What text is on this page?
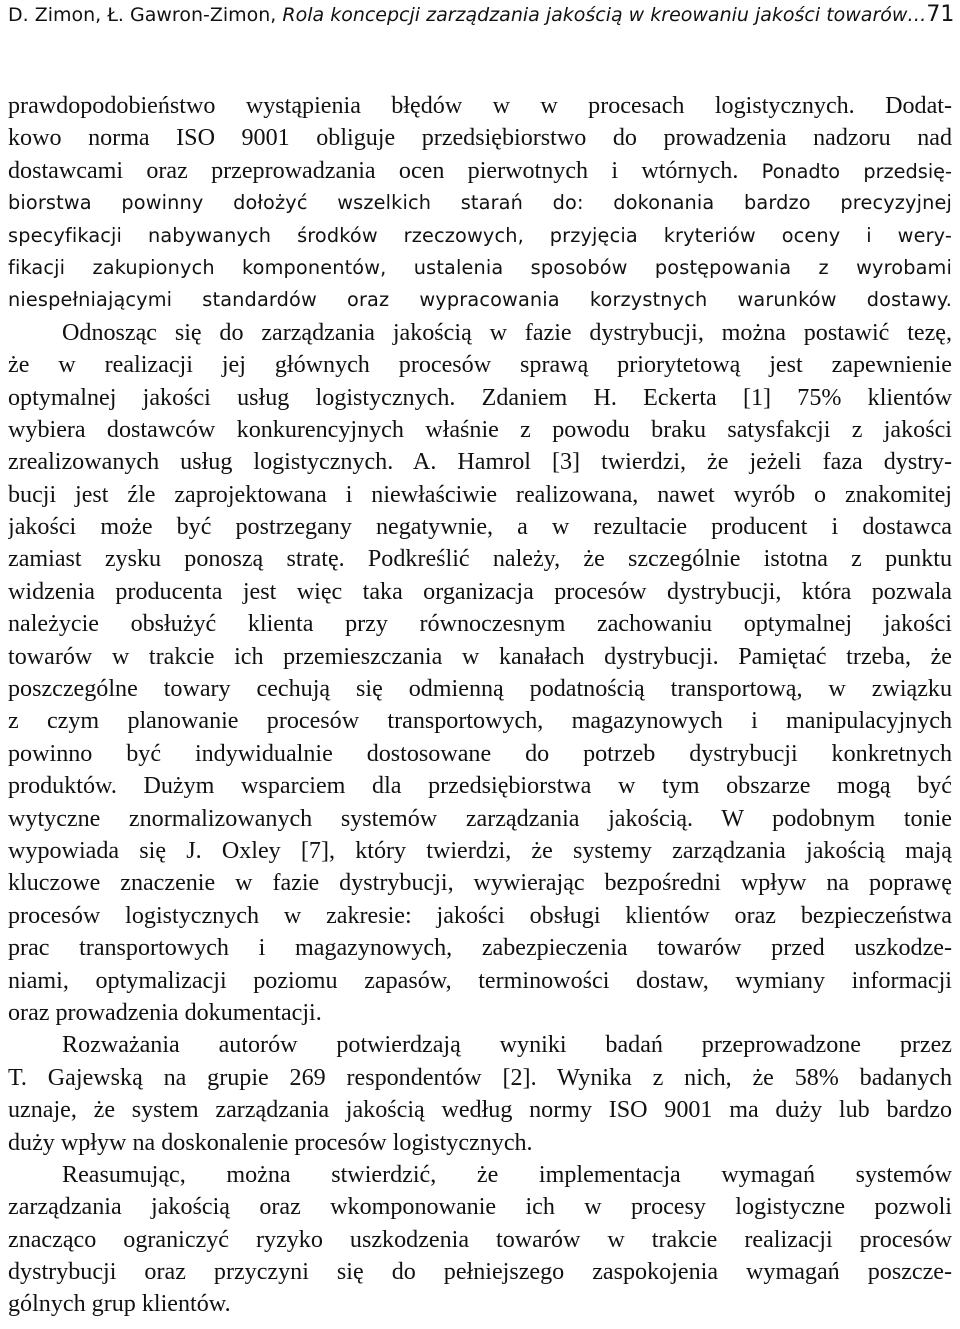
D. Zimon, Ł. Gawron-Zimon, Rola koncepcji zarządzania jakością w kreowaniu jakości towarów… 71
prawdopodobieństwo wystąpienia błędów w w procesach logistycznych. Dodat-
kowo norma ISO 9001 obliguje przedsiębiorstwo do prowadzenia nadzoru nad
dostawcami oraz przeprowadzania ocen pierwotnych i wtórnych. Ponadto przedsię-
biorstwa powinny dołożyć wszelkich starań do: dokonania bardzo precyzyjnej
specyfikacji nabywanych środków rzeczowych, przyjęcia kryteriów oceny i wery-
fikacji zakupionych komponentów, ustalenia sposobów postępowania z wyrobami
niespełniającymi standardów oraz wypracowania korzystnych warunków dostawy.
Odnosząc się do zarządzania jakością w fazie dystrybucji, można postawić tezę,
że w realizacji jej głównych procesów sprawą priorytetową jest zapewnienie
optymalnej jakości usług logistycznych. Zdaniem H. Eckerta [1] 75% klientów
wybiera dostawców konkurencyjnych właśnie z powodu braku satysfakcji z jakości
zrealizowanych usług logistycznych. A. Hamrol [3] twierdzi, że jeżeli faza dystry-
bucji jest źle zaprojektowana i niewłaściwie realizowana, nawet wyrób o znakomitej
jakości może być postrzegany negatywnie, a w rezultacie producent i dostawca
zamiast zysku ponoszą stratę. Podkreślić należy, że szczególnie istotna z punktu
widzenia producenta jest więc taka organizacja procesów dystrybucji, która pozwala
należycie obsłużyć klienta przy równoczesnym zachowaniu optymalnej jakości
towarów w trakcie ich przemieszczania w kanałach dystrybucji. Pamiętać trzeba, że
poszczególne towary cechują się odmienną podatnością transportową, w związku
z czym planowanie procesów transportowych, magazynowych i manipulacyjnych
powinno być indywidualnie dostosowane do potrzeb dystrybucji konkretnych
produktów. Dużym wsparciem dla przedsiębiorstwa w tym obszarze mogą być
wytyczne znormalizowanych systemów zarządzania jakością. W podobnym tonie
wypowiada się J. Oxley [7], który twierdzi, że systemy zarządzania jakością mają
kluczowe znaczenie w fazie dystrybucji, wywierając bezpośredni wpływ na poprawę
procesów logistycznych w zakresie: jakości obsługi klientów oraz bezpieczeństwa
prac transportowych i magazynowych, zabezpieczenia towarów przed uszkodze-
niami, optymalizacji poziomu zapasów, terminowości dostaw, wymiany informacji
oraz prowadzenia dokumentacji.
Rozważania autorów potwierdzają wyniki badań przeprowadzone przez
T. Gajewską na grupie 269 respondentów [2]. Wynika z nich, że 58% badanych
uznaje, że system zarządzania jakością według normy ISO 9001 ma duży lub bardzo
duży wpływ na doskonalenie procesów logistycznych.
Reasumując, można stwierdzić, że implementacja wymagań systemów
zarządzania jakością oraz wkomponowanie ich w procesy logistyczne pozwoli
znacząco ograniczyć ryzyko uszkodzenia towarów w trakcie realizacji procesów
dystrybucji oraz przyczyni się do pełniejszego zaspokojenia wymagań poszcze-
gólnych grup klientów.
